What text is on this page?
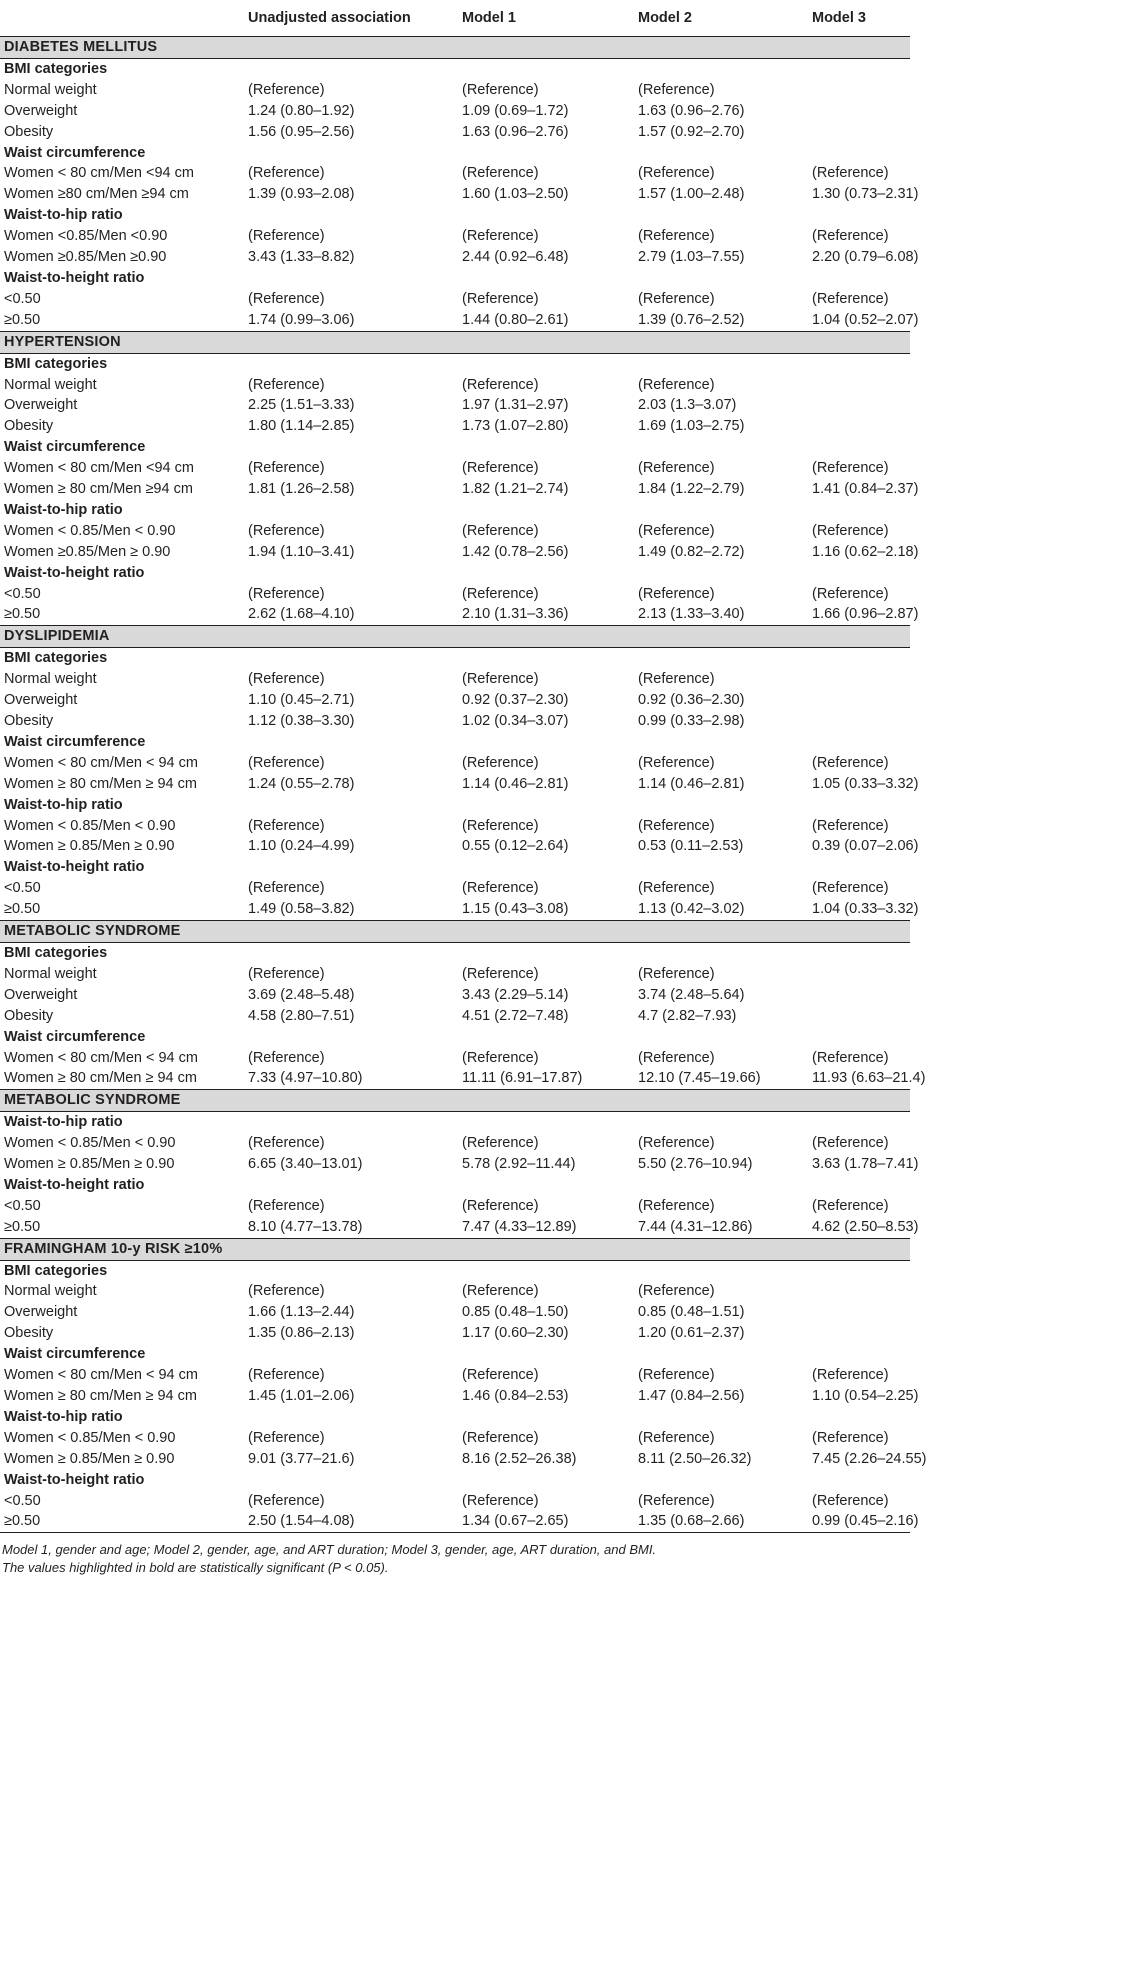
	Unadjusted association	Model 1	Model 2	Model 3
DIABETES MELLITUS				
BMI categories				
Normal weight	(Reference)	(Reference)	(Reference)	
Overweight	1.24 (0.80–1.92)	1.09 (0.69–1.72)	1.63 (0.96–2.76)	
Obesity	1.56 (0.95–2.56)	1.63 (0.96–2.76)	1.57 (0.92–2.70)	
Waist circumference				
Women < 80 cm/Men <94 cm	(Reference)	(Reference)	(Reference)	(Reference)
Women ≥80 cm/Men ≥94 cm	1.39 (0.93–2.08)	1.60 (1.03–2.50)	1.57 (1.00–2.48)	1.30 (0.73–2.31)
Waist-to-hip ratio				
Women <0.85/Men <0.90	(Reference)	(Reference)	(Reference)	(Reference)
Women ≥0.85/Men ≥0.90	3.43 (1.33–8.82)	2.44 (0.92–6.48)	2.79 (1.03–7.55)	2.20 (0.79–6.08)
Waist-to-height ratio				
<0.50	(Reference)	(Reference)	(Reference)	(Reference)
≥0.50	1.74 (0.99–3.06)	1.44 (0.80–2.61)	1.39 (0.76–2.52)	1.04 (0.52–2.07)
HYPERTENSION				
BMI categories				
Normal weight	(Reference)	(Reference)	(Reference)	
Overweight	2.25 (1.51–3.33)	1.97 (1.31–2.97)	2.03 (1.3–3.07)	
Obesity	1.80 (1.14–2.85)	1.73 (1.07–2.80)	1.69 (1.03–2.75)	
Waist circumference				
Women < 80 cm/Men <94 cm	(Reference)	(Reference)	(Reference)	(Reference)
Women ≥ 80 cm/Men ≥94 cm	1.81 (1.26–2.58)	1.82 (1.21–2.74)	1.84 (1.22–2.79)	1.41 (0.84–2.37)
Waist-to-hip ratio				
Women < 0.85/Men < 0.90	(Reference)	(Reference)	(Reference)	(Reference)
Women ≥0.85/Men ≥ 0.90	1.94 (1.10–3.41)	1.42 (0.78–2.56)	1.49 (0.82–2.72)	1.16 (0.62–2.18)
Waist-to-height ratio				
<0.50	(Reference)	(Reference)	(Reference)	(Reference)
≥0.50	2.62 (1.68–4.10)	2.10 (1.31–3.36)	2.13 (1.33–3.40)	1.66 (0.96–2.87)
DYSLIPIDEMIA				
BMI categories				
Normal weight	(Reference)	(Reference)	(Reference)	
Overweight	1.10 (0.45–2.71)	0.92 (0.37–2.30)	0.92 (0.36–2.30)	
Obesity	1.12 (0.38–3.30)	1.02 (0.34–3.07)	0.99 (0.33–2.98)	
Waist circumference				
Women < 80 cm/Men < 94 cm	(Reference)	(Reference)	(Reference)	(Reference)
Women ≥ 80 cm/Men ≥ 94 cm	1.24 (0.55–2.78)	1.14 (0.46–2.81)	1.14 (0.46–2.81)	1.05 (0.33–3.32)
Waist-to-hip ratio				
Women < 0.85/Men < 0.90	(Reference)	(Reference)	(Reference)	(Reference)
Women ≥ 0.85/Men ≥ 0.90	1.10 (0.24–4.99)	0.55 (0.12–2.64)	0.53 (0.11–2.53)	0.39 (0.07–2.06)
Waist-to-height ratio				
<0.50	(Reference)	(Reference)	(Reference)	(Reference)
≥0.50	1.49 (0.58–3.82)	1.15 (0.43–3.08)	1.13 (0.42–3.02)	1.04 (0.33–3.32)
METABOLIC SYNDROME				
BMI categories				
Normal weight	(Reference)	(Reference)	(Reference)	
Overweight	3.69 (2.48–5.48)	3.43 (2.29–5.14)	3.74 (2.48–5.64)	
Obesity	4.58 (2.80–7.51)	4.51 (2.72–7.48)	4.7 (2.82–7.93)	
Waist circumference				
Women < 80 cm/Men < 94 cm	(Reference)	(Reference)	(Reference)	(Reference)
Women ≥ 80 cm/Men ≥ 94 cm	7.33 (4.97–10.80)	11.11 (6.91–17.87)	12.10 (7.45–19.66)	11.93 (6.63–21.4)
METABOLIC SYNDROME				
Waist-to-hip ratio				
Women < 0.85/Men < 0.90	(Reference)	(Reference)	(Reference)	(Reference)
Women ≥ 0.85/Men ≥ 0.90	6.65 (3.40–13.01)	5.78 (2.92–11.44)	5.50 (2.76–10.94)	3.63 (1.78–7.41)
Waist-to-height ratio				
<0.50	(Reference)	(Reference)	(Reference)	(Reference)
≥0.50	8.10 (4.77–13.78)	7.47 (4.33–12.89)	7.44 (4.31–12.86)	4.62 (2.50–8.53)
FRAMINGHAM 10-y RISK ≥10%				
BMI categories				
Normal weight	(Reference)	(Reference)	(Reference)	
Overweight	1.66 (1.13–2.44)	0.85 (0.48–1.50)	0.85 (0.48–1.51)	
Obesity	1.35 (0.86–2.13)	1.17 (0.60–2.30)	1.20 (0.61–2.37)	
Waist circumference				
Women < 80 cm/Men < 94 cm	(Reference)	(Reference)	(Reference)	(Reference)
Women ≥ 80 cm/Men ≥ 94 cm	1.45 (1.01–2.06)	1.46 (0.84–2.53)	1.47 (0.84–2.56)	1.10 (0.54–2.25)
Waist-to-hip ratio				
Women < 0.85/Men < 0.90	(Reference)	(Reference)	(Reference)	(Reference)
Women ≥ 0.85/Men ≥ 0.90	9.01 (3.77–21.6)	8.16 (2.52–26.38)	8.11 (2.50–26.32)	7.45 (2.26–24.55)
Waist-to-height ratio				
<0.50	(Reference)	(Reference)	(Reference)	(Reference)
≥0.50	2.50 (1.54–4.08)	1.34 (0.67–2.65)	1.35 (0.68–2.66)	0.99 (0.45–2.16)
Model 1, gender and age; Model 2, gender, age, and ART duration; Model 3, gender, age, ART duration, and BMI.
The values highlighted in bold are statistically significant (P < 0.05).
